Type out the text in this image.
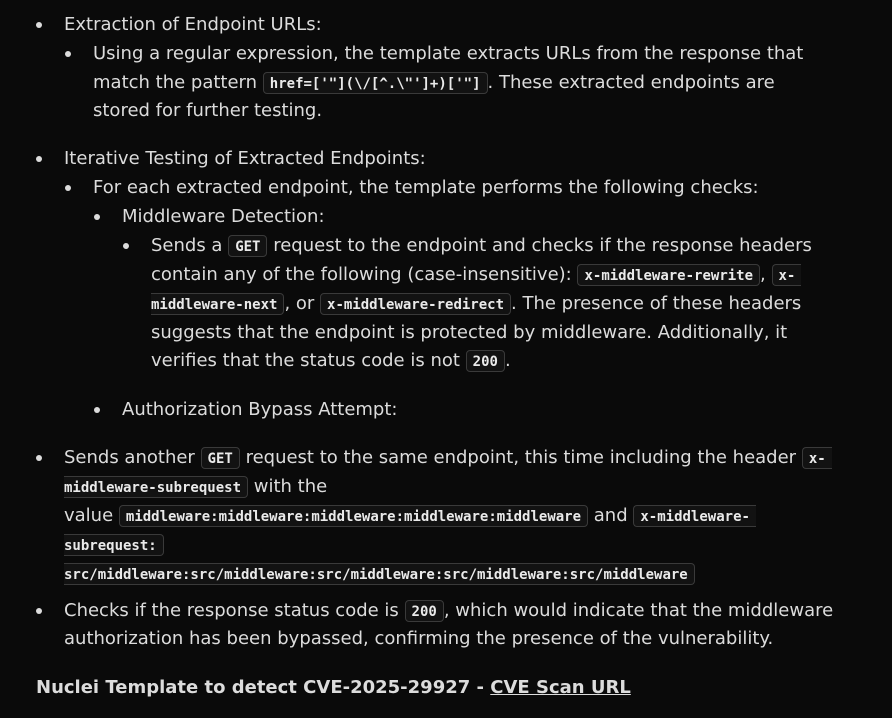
Extraction of Endpoint URLs:
Using a regular expression, the template extracts URLs from the response that
match the pattern href=['"](\/[^.\"']+)['"] . These extracted endpoints are
stored for further testing.
Iterative Testing of Extracted Endpoints:
For each extracted endpoint, the template performs the following checks:
Middleware Detection:
Sends a GET request to the endpoint and checks if the response headers
contain any of the following (case-insensitive): x-middleware-rewrite , x-
middleware-next , or x-middleware-redirect . The presence of these headers
suggests that the endpoint is protected by middleware. Additionally, it
verifies that the status code is not 200 .
Authorization Bypass Attempt:
Sends another GET request to the same endpoint, this time including the header x-
middleware-subrequest with the
value middleware:middleware:middleware:middleware:middleware and x-middleware-
subrequest:
src/middleware:src/middleware:src/middleware:src/middleware:src/middleware
Checks if the response status code is 200 , which would indicate that the middleware
authorization has been bypassed, confirming the presence of the vulnerability.
Nuclei Template to detect CVE-2025-29927 - CVE Scan URL
